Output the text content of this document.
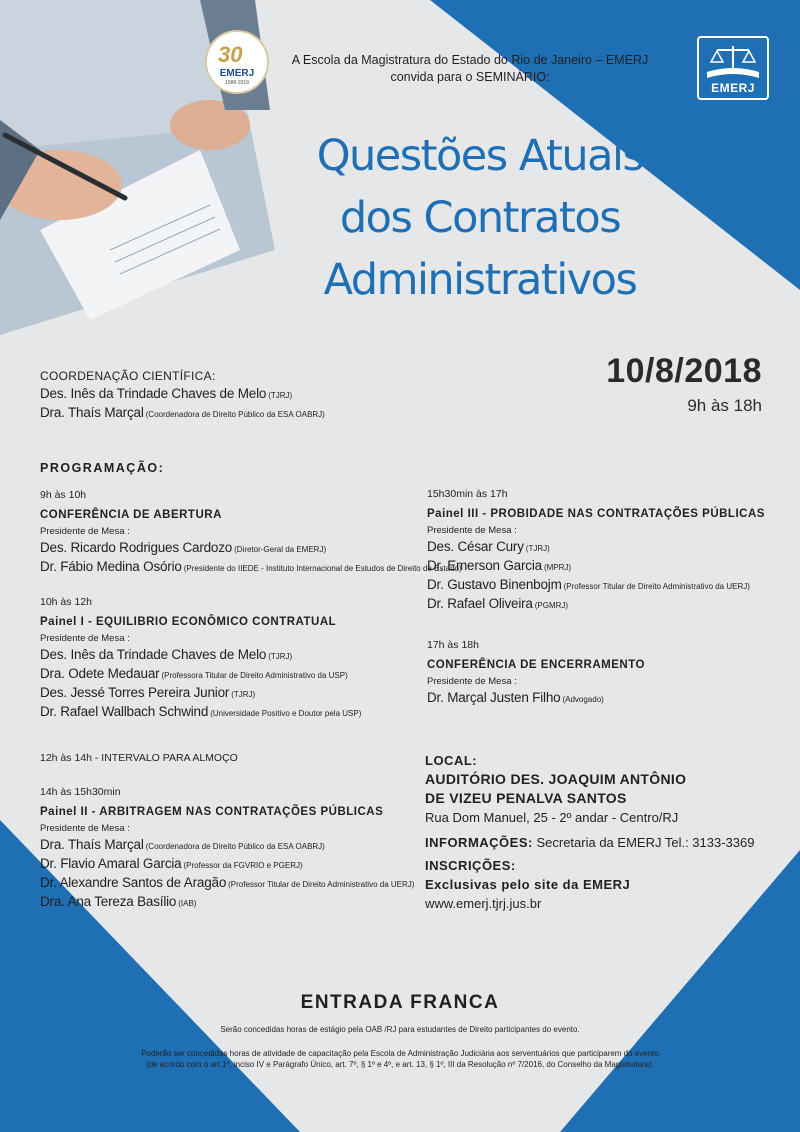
30
EMERJ
1988-2018	EMERJ
A Escola da Magistratura do Estado do Rio de Janeiro – EMERJ
convida para o SEMINÁRIO:
Questões Atuais
dos Contratos
Administrativos
10/8/2018
9h às 18h
COORDENAÇÃO CIENTÍFICA:
Des. Inês da Trindade Chaves de Melo (TJRJ)
Dra. Thaís Marçal (Coordenadora de Direito Público da ESA OABRJ)
PROGRAMAÇÃO:
9h às 10h
CONFERÊNCIA DE ABERTURA
Presidente de Mesa :
Des. Ricardo Rodrigues Cardozo (Diretor-Geral da EMERJ)
Dr. Fábio Medina Osório (Presidente do IIEDE - Instituto Internacional de Estudos de Direito de Estado)
10h às 12h
Painel I - EQUILIBRIO ECONÔMICO CONTRATUAL
Presidente de Mesa :
Des. Inês da Trindade Chaves de Melo (TJRJ)
Dra. Odete Medauar (Professora Titular de Direito Administrativo da USP)
Des. Jessé Torres Pereira Junior (TJRJ)
Dr. Rafael Wallbach Schwind (Universidade Positivo e Doutor pela USP)
12h às 14h - INTERVALO PARA ALMOÇO
14h às 15h30min
Painel II - ARBITRAGEM NAS CONTRATAÇÕES PÚBLICAS
Presidente de Mesa :
Dra. Thaís Marçal (Coordenadora de Direito Público da ESA OABRJ)
Dr. Flavio Amaral Garcia (Professor da FGVRIO e PGERJ)
Dr. Alexandre Santos de Aragão (Professor Titular de Direito Administrativo da UERJ)
Dra. Ana Tereza Basílio (IAB)
15h30min às 17h
Painel III - PROBIDADE NAS CONTRATAÇÕES PÚBLICAS
Presidente de Mesa :
Des. César Cury (TJRJ)
Dr. Emerson Garcia (MPRJ)
Dr. Gustavo Binenbojm (Professor Titular de Direito Administrativo da UERJ)
Dr. Rafael Oliveira (PGMRJ)
17h às 18h
CONFERÊNCIA DE ENCERRAMENTO
Presidente de Mesa :
Dr. Marçal Justen Filho (Advogado)
LOCAL:
AUDITÓRIO DES. JOAQUIM ANTÔNIO
DE VIZEU PENALVA SANTOS
Rua Dom Manuel, 25 - 2º andar - Centro/RJ
INFORMAÇÕES: Secretaria da EMERJ Tel.: 3133-3369
INSCRIÇÕES:
Exclusivas pelo site da EMERJ
www.emerj.tjrj.jus.br
ENTRADA FRANCA
Serão concedidas horas de estágio pela OAB /RJ para estudantes de Direito participantes do evento.
Poderão ser concedidas horas de atividade de capacitação pela Escola de Administração Judiciária aos serventuários que participarem do evento
(de acordo com o art.1º, inciso IV e Parágrafo Único, art. 7º, § 1º e 4º, e art. 13, § 1º, III da Resolução nº 7/2016, do Conselho da Magistratura).
